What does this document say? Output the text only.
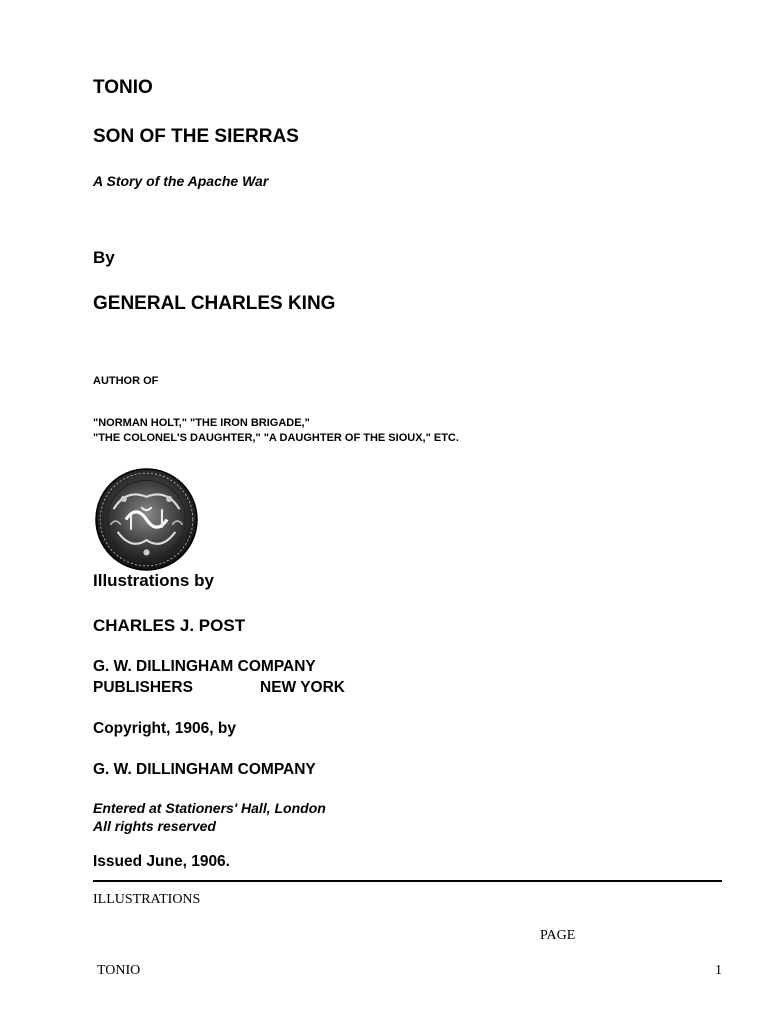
TONIO
SON OF THE SIERRAS

A Story of the Apache War

By

GENERAL CHARLES KING

AUTHOR OF

"NORMAN HOLT," "THE IRON BRIGADE,"

"THE COLONEL'S DAUGHTER," "A DAUGHTER OF THE SIOUX," ETC.

Illustrations by

CHARLES J. POST

G. W. DILLINGHAM COMPANY

PUBLISHERS	NEW YORK

Copyright, 1906, by

G. W. DILLINGHAM COMPANY

Entered at Stationers' Hall, London

All rights reserved

Issued June, 1906.

ILLUSTRATIONS

PAGE

TONIO	1
